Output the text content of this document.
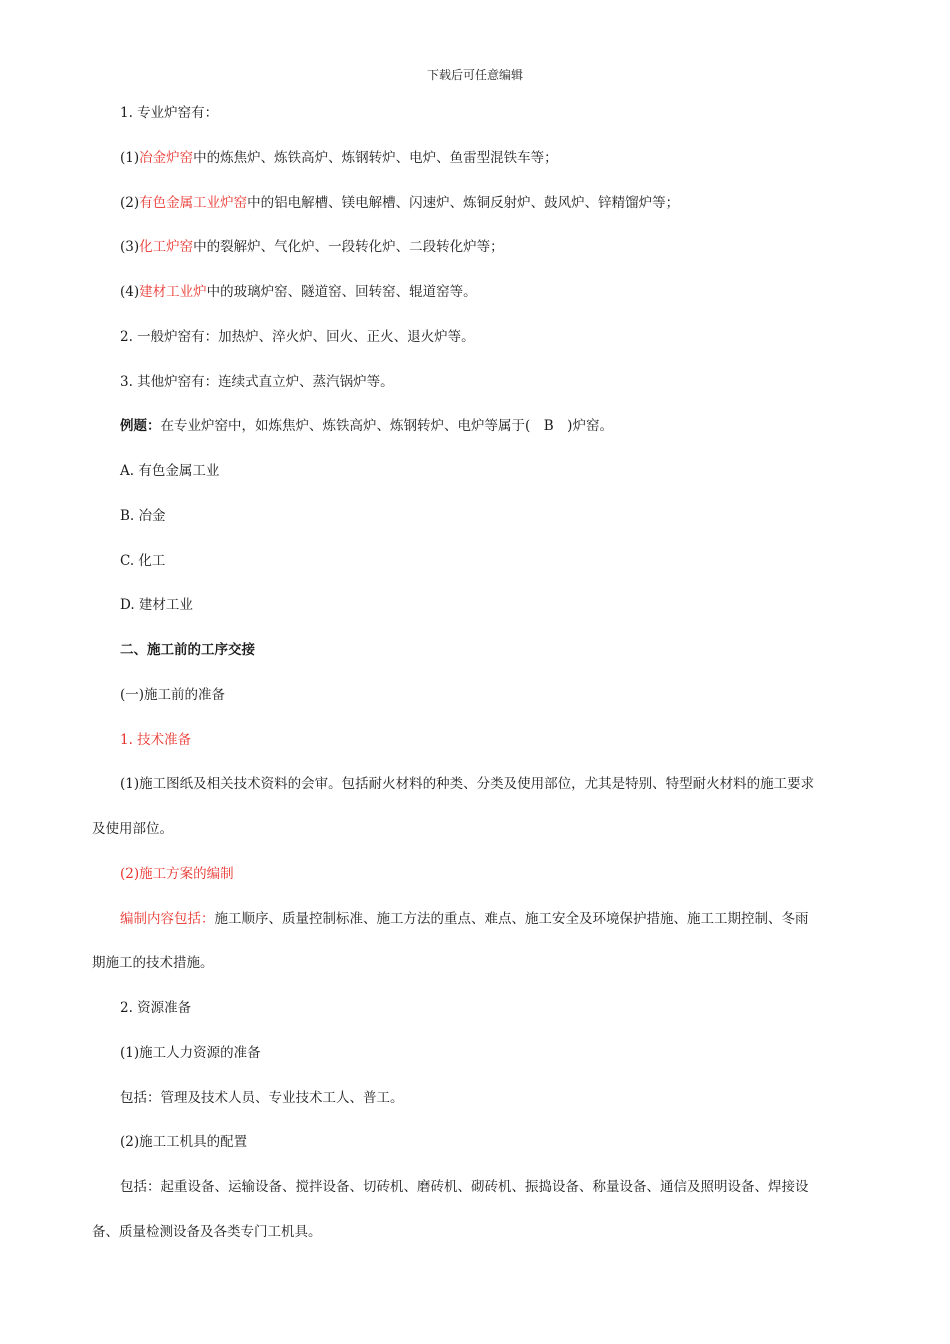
下载后可任意编辑
1. 专业炉窑有：
(1)冶金炉窑中的炼焦炉、炼铁高炉、炼钢转炉、电炉、鱼雷型混铁车等；
(2)有色金属工业炉窑中的铝电解槽、镁电解槽、闪速炉、炼铜反射炉、鼓风炉、锌精馏炉等；
(3)化工炉窑中的裂解炉、气化炉、一段转化炉、二段转化炉等；
(4)建材工业炉中的玻璃炉窑、隧道窑、回转窑、辊道窑等。
2. 一般炉窑有：加热炉、淬火炉、回火、正火、退火炉等。
3. 其他炉窑有：连续式直立炉、蒸汽锅炉等。
例题：在专业炉窑中，如炼焦炉、炼铁高炉、炼钢转炉、电炉等属于(　B　)炉窑。
A. 有色金属工业
B. 冶金
C. 化工
D. 建材工业
二、施工前的工序交接
(一)施工前的准备
1. 技术准备
(1)施工图纸及相关技术资料的会审。包括耐火材料的种类、分类及使用部位，尤其是特别、特型耐火材料的施工要求
及使用部位。
(2)施工方案的编制
编制内容包括：施工顺序、质量控制标准、施工方法的重点、难点、施工安全及环境保护措施、施工工期控制、冬雨
期施工的技术措施。
2. 资源准备
(1)施工人力资源的准备
包括：管理及技术人员、专业技术工人、普工。
(2)施工工机具的配置
包括：起重设备、运输设备、搅拌设备、切砖机、磨砖机、砌砖机、振捣设备、称量设备、通信及照明设备、焊接设
备、质量检测设备及各类专门工机具。
